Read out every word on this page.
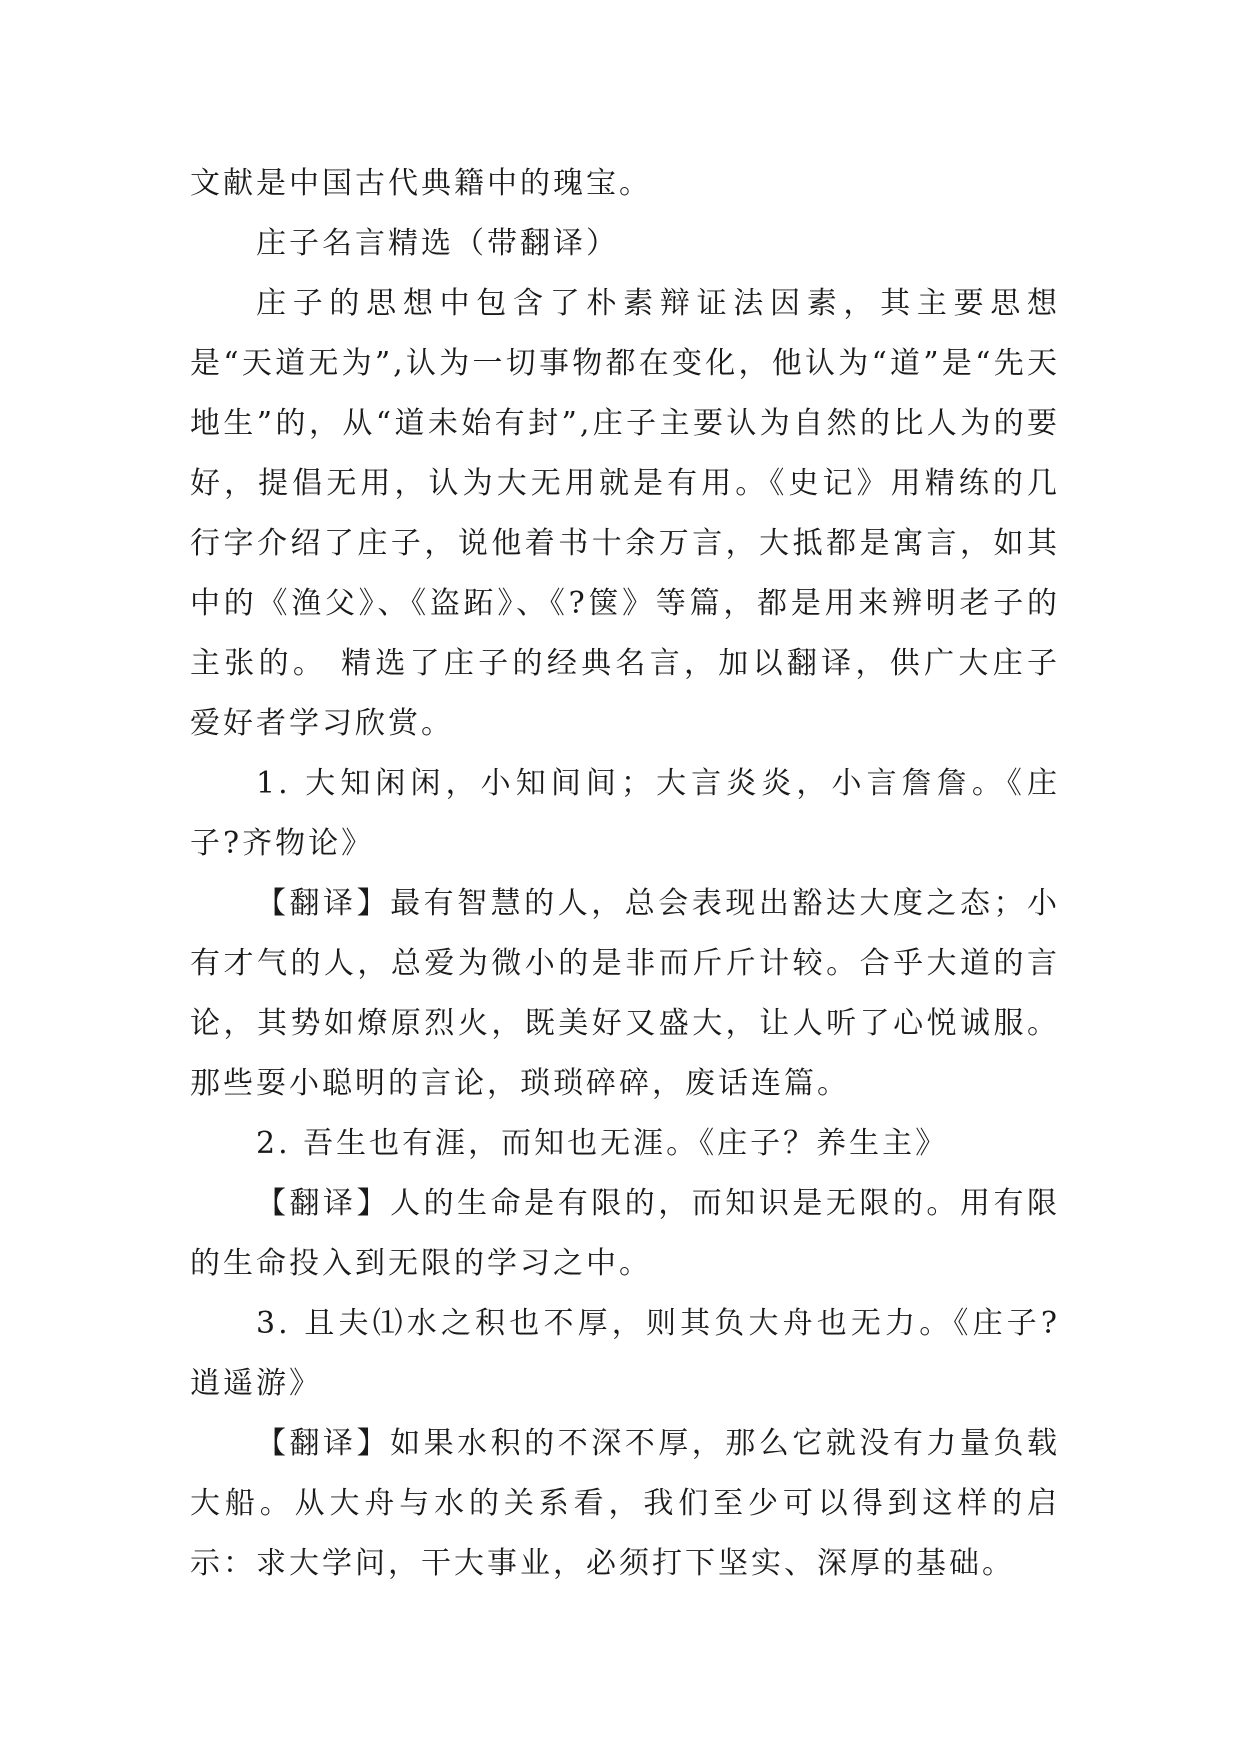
文献是中国古代典籍中的瑰宝。

庄子名言精选（带翻译）

庄子的思想中包含了朴素辩证法因素，其主要思想是“天道无为”,认为一切事物都在变化，他认为“道”是“先天地生”的，从“道未始有封”,庄子主要认为自然的比人为的要好，提倡无用，认为大无用就是有用。《史记》用精练的几行字介绍了庄子，说他着书十余万言，大抵都是寓言，如其中的《渔父》、《盗跖》、《?箧》等篇，都是用来辨明老子的主张的。 精选了庄子的经典名言，加以翻译，供广大庄子爱好者学习欣赏。

1. 大知闲闲，小知间间；大言炎炎，小言詹詹。《庄子?齐物论》

【翻译】最有智慧的人，总会表现出豁达大度之态；小有才气的人，总爱为微小的是非而斤斤计较。合乎大道的言论，其势如燎原烈火，既美好又盛大，让人听了心悦诚服。那些耍小聪明的言论，琐琐碎碎，废话连篇。

2. 吾生也有涯，而知也无涯。《庄子？养生主》

【翻译】人的生命是有限的，而知识是无限的。用有限的生命投入到无限的学习之中。

3. 且夫⑴水之积也不厚，则其负大舟也无力。《庄子?逍遥游》

【翻译】如果水积的不深不厚，那么它就没有力量负载大船。从大舟与水的关系看，我们至少可以得到这样的启示：求大学问，干大事业，必须打下坚实、深厚的基础。
